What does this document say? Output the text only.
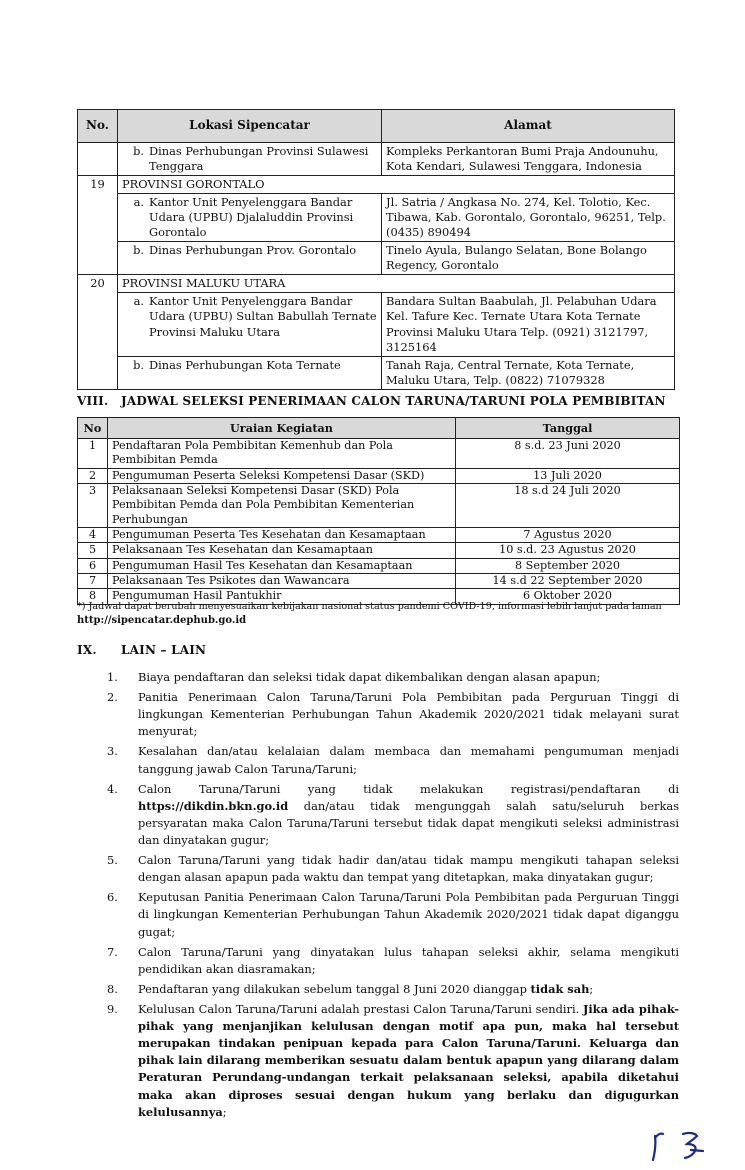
No.	Lokasi Sipencatar	Alamat

	b. Dinas Perhubungan Provinsi Sulawesi Tenggara	Kompleks Perkantoran Bumi Praja Andounuhu, Kota Kendari, Sulawesi Tenggara, Indonesia
19	PROVINSI GORONTALO	

	a. Kantor Unit Penyelenggara Bandar Udara (UPBU) Djalaluddin Provinsi Gorontalo	Jl. Satria / Angkasa No. 274, Kel. Tolotio, Kec. Tibawa, Kab. Gorontalo, Gorontalo, 96251, Telp. (0435) 890494

	b. Dinas Perhubungan Prov. Gorontalo	Tinelo Ayula, Bulango Selatan, Bone Bolango Regency, Gorontalo
20	PROVINSI MALUKU UTARA	

	a. Kantor Unit Penyelenggara Bandar Udara (UPBU) Sultan Babullah Ternate Provinsi Maluku Utara	Bandara Sultan Baabulah, Jl. Pelabuhan Udara Kel. Tafure Kec. Ternate Utara Kota Ternate Provinsi Maluku Utara Telp. (0921) 3121797, 3125164

	b. Dinas Perhubungan Kota Ternate	Tanah Raja, Central Ternate, Kota Ternate, Maluku Utara, Telp. (0822) 71079328
VIII. JADWAL SELEKSI PENERIMAAN CALON TARUNA/TARUNI POLA PEMBIBITAN
No	Uraian Kegiatan	Tanggal
1	Pendaftaran Pola Pembibitan Kemenhub dan Pola Pembibitan Pemda	8 s.d. 23 Juni 2020
2	Pengumuman Peserta Seleksi Kompetensi Dasar (SKD)	13 Juli 2020
3	Pelaksanaan Seleksi Kompetensi Dasar (SKD) Pola Pembibitan Pemda dan Pola Pembibitan Kementerian Perhubungan	18 s.d 24 Juli 2020
4	Pengumuman Peserta Tes Kesehatan dan Kesamaptaan	7 Agustus 2020
5	Pelaksanaan Tes Kesehatan dan Kesamaptaan	10 s.d. 23 Agustus 2020
6	Pengumuman Hasil Tes Kesehatan dan Kesamaptaan	8 September 2020
7	Pelaksanaan Tes Psikotes dan Wawancara	14 s.d 22 September 2020
8	Pengumuman Hasil Pantukhir	6 Oktober 2020
*) Jadwal dapat berubah menyesuaikan kebijakan nasional status pandemi COVID-19, informasi lebih lanjut pada laman
http://sipencatar.dephub.go.id
IX. LAIN – LAIN
1.	Biaya pendaftaran dan seleksi tidak dapat dikembalikan dengan alasan apapun;
2.	Panitia Penerimaan Calon Taruna/Taruni Pola Pembibitan pada Perguruan Tinggi di lingkungan Kementerian Perhubungan Tahun Akademik 2020/2021 tidak melayani surat menyurat;
3.	Kesalahan dan/atau kelalaian dalam membaca dan memahami pengumuman menjadi tanggung jawab Calon Taruna/Taruni;
4.	Calon Taruna/Taruni yang tidak melakukan registrasi/pendaftaran di https://dikdin.bkn.go.id dan/atau tidak mengunggah salah satu/seluruh berkas persyaratan maka Calon Taruna/Taruni tersebut tidak dapat mengikuti seleksi administrasi dan dinyatakan gugur;
5.	Calon Taruna/Taruni yang tidak hadir dan/atau tidak mampu mengikuti tahapan seleksi dengan alasan apapun pada waktu dan tempat yang ditetapkan, maka dinyatakan gugur;
6.	Keputusan Panitia Penerimaan Calon Taruna/Taruni Pola Pembibitan pada Perguruan Tinggi di lingkungan Kementerian Perhubungan Tahun Akademik 2020/2021 tidak dapat diganggu gugat;
7.	Calon Taruna/Taruni yang dinyatakan lulus tahapan seleksi akhir, selama mengikuti pendidikan akan diasramakan;
8.	Pendaftaran yang dilakukan sebelum tanggal 8 Juni 2020 dianggap tidak sah;
9.	Kelulusan Calon Taruna/Taruni adalah prestasi Calon Taruna/Taruni sendiri. Jika ada pihak-pihak yang menjanjikan kelulusan dengan motif apa pun, maka hal tersebut merupakan tindakan penipuan kepada para Calon Taruna/Taruni. Keluarga dan pihak lain dilarang memberikan sesuatu dalam bentuk apapun yang dilarang dalam Peraturan Perundang-undangan terkait pelaksanaan seleksi, apabila diketahui maka akan diproses sesuai dengan hukum yang berlaku dan digugurkan kelulusannya;
